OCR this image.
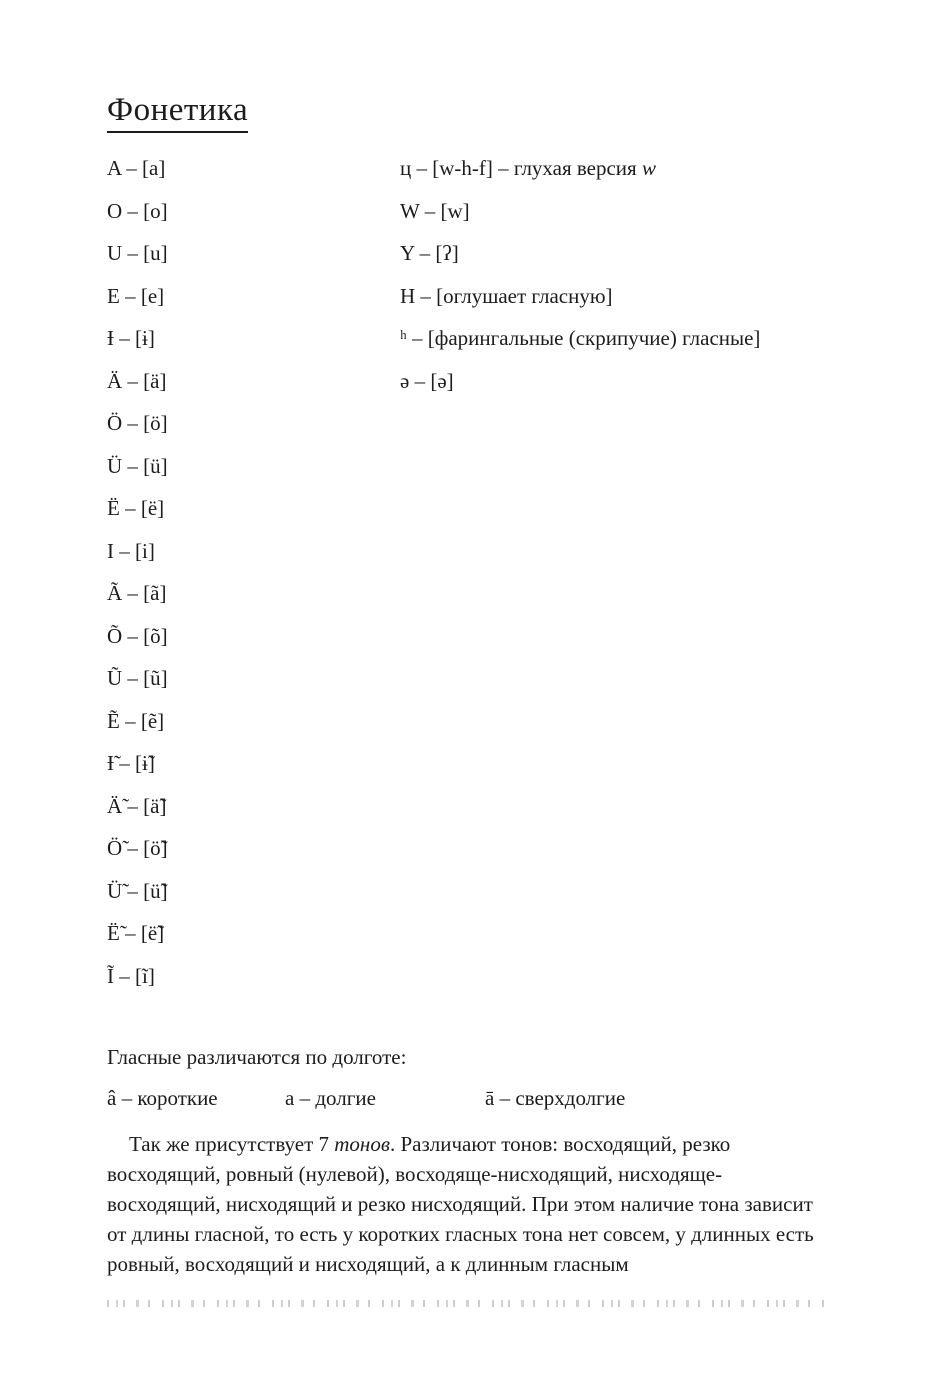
Фонетика
A – [a]
O – [o]
U – [u]
E – [e]
Ɨ – [ɨ]
Ä – [ä]
Ö – [ö]
Ü – [ü]
Ë – [ë]
I – [i]
Ã – [ã]
Õ – [õ]
Ũ – [ũ]
Ẽ – [ẽ]
Ɨ̃ – [ɨ̃]
Ä̃ – [ä̃]
Ö̃ – [ö̃]
Ü̃ – [ü̃]
Ë̃ – [ë̃]
Ĩ – [ĩ]
ц – [w-h-f] – глухая версия w
W – [w]
Y – [ʔ]
H – [оглушает гласную]
ʰ – [фарингальные (скрипучие) гласные]
ə – [ə]
Гласные различаются по долготе:
â – короткие	а – долгие	ā – сверхдолгие

Так же присутствует 7 тонов. Различают тонов: восходящий, резко восходящий, ровный (нулевой), восходяще-нисходящий, нисходяще-восходящий, нисходящий и резко нисходящий. При этом наличие тона зависит от длины гласной, то есть у коротких гласных тона нет совсем, у длинных есть ровный, восходящий и нисходящий, а к длинным гласным
